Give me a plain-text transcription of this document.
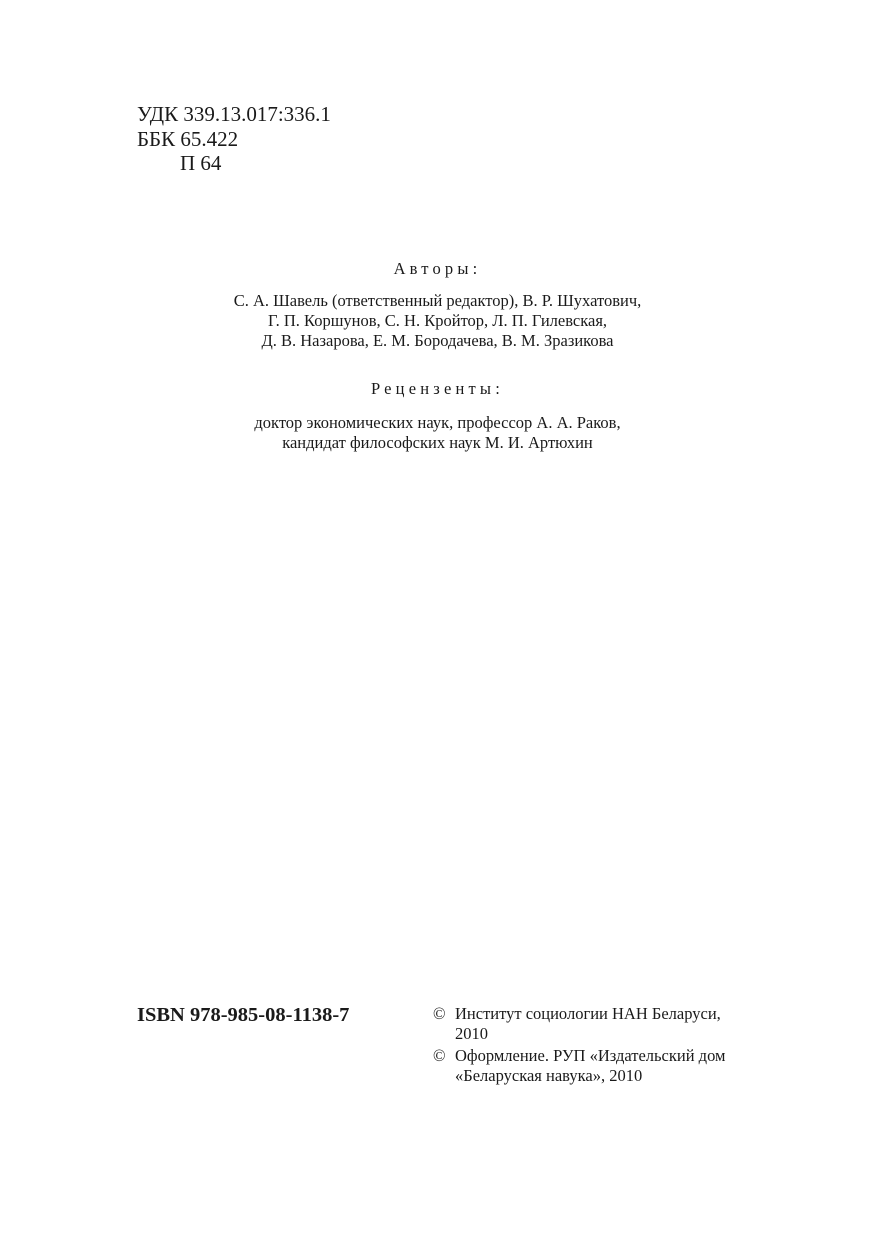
УДК 339.13.017:336.1
ББК 65.422
П 64
Авторы:
С. А. Шавель (ответственный редактор), В. Р. Шухатович,
Г. П. Коршунов, С. Н. Кройтор, Л. П. Гилевская,
Д. В. Назарова, Е. М. Бородачева, В. М. Зразикова
Рецензенты:
доктор экономических наук, профессор А. А. Раков,
кандидат философских наук М. И. Артюхин
ISBN 978-985-08-1138-7	© Институт социологии НАН Беларуси,
2010
© Оформление. РУП «Издательский дом
«Беларуская навука», 2010
